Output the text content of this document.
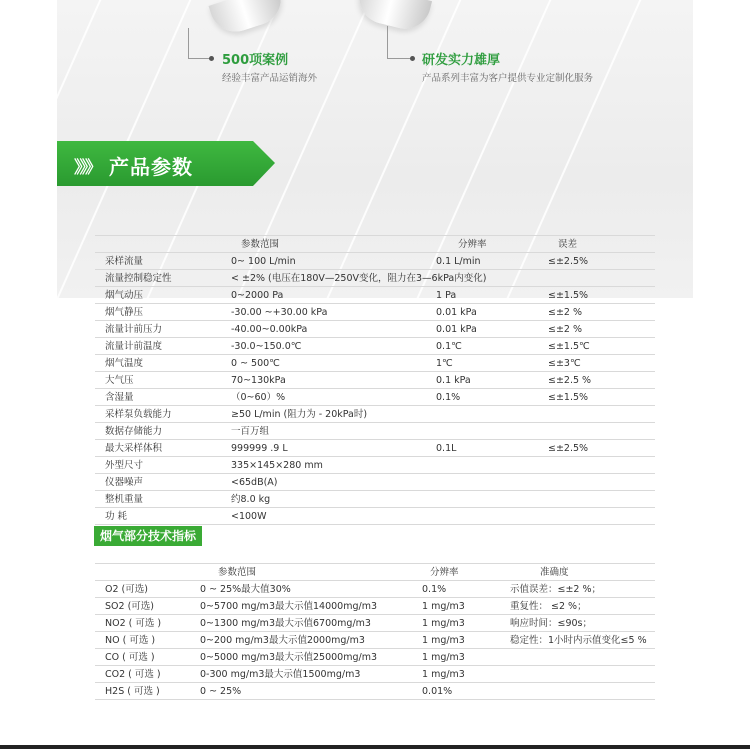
500项案例
经验丰富产品运销海外
研发实力雄厚
产品系列丰富为客户提供专业定制化服务
》》》 产品参数
	参数范围	分辨率	误差
采样流量	0~ 100 L/min	0.1 L/min	≤±2.5%
流量控制稳定性	< ±2% (电压在180V—250V变化，阻力在3—6kPa内变化)		
烟气动压	0~2000 Pa	1 Pa	≤±1.5%
烟气静压	-30.00 ~+30.00 kPa	0.01 kPa	≤±2 %
流量计前压力	-40.00~0.00kPa	0.01 kPa	≤±2 %
流量计前温度	-30.0~150.0℃	0.1℃	≤±1.5℃
烟气温度	0 ~ 500℃	1℃	≤±3℃
大气压	70~130kPa	0.1 kPa	≤±2.5 %
含湿量	（0~60）%	0.1%	≤±1.5%
采样泵负载能力	≥50 L/min (阻力为 - 20kPa时)		
数据存储能力	一百万组		
最大采样体积	999999 .9 L	0.1L	≤±2.5%
外型尺寸	335×145×280 mm		
仪器噪声	<65dB(A)		
整机重量	约8.0 kg		
功 耗	<100W		
烟气部分技术指标
	参数范围	分辨率	准确度
O2 (可选)	0 ~ 25%最大值30%	0.1%	示值误差：≤±2 %；
SO2 (可选)	0~5700 mg/m3最大示值14000mg/m3	1 mg/m3	重复性： ≤2 %；
NO2 ( 可选 )	0~1300 mg/m3最大示值6700mg/m3	1 mg/m3	响应时间：≤90s；
NO ( 可选 )	0~200 mg/m3最大示值2000mg/m3	1 mg/m3	稳定性：1小时内示值变化≤5 %
CO ( 可选 )	0~5000 mg/m3最大示值25000mg/m3	1 mg/m3	
CO2 ( 可选 )	0-300 mg/m3最大示值1500mg/m3	1 mg/m3	
H2S ( 可选 )	0 ~ 25%	0.01%	
